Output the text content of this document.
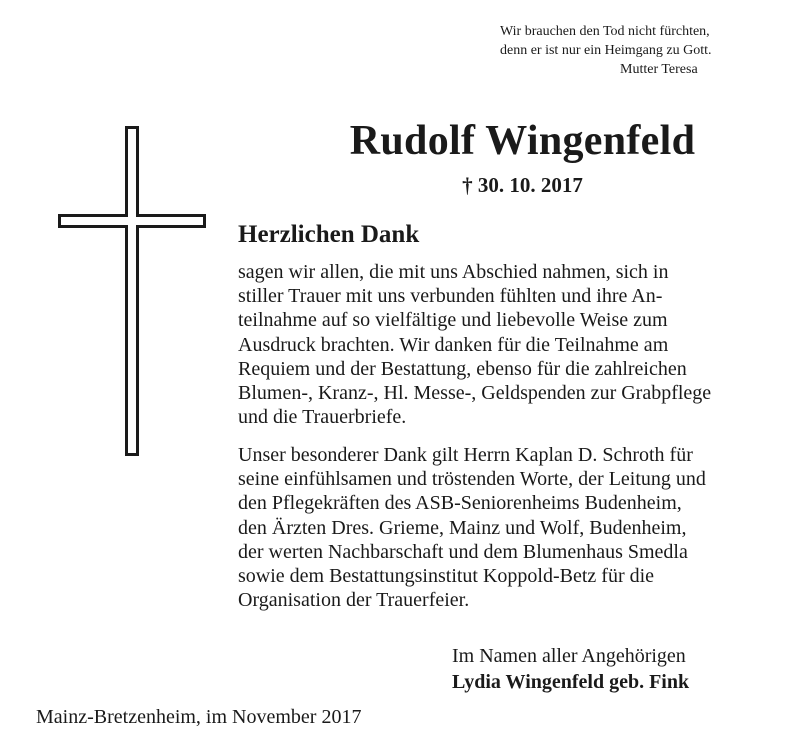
Wir brauchen den Tod nicht fürchten,
denn er ist nur ein Heimgang zu Gott.
Mutter Teresa
Rudolf Wingenfeld
† 30. 10. 2017
Herzlichen Dank
sagen wir allen, die mit uns Abschied nahmen, sich in
stiller Trauer mit uns verbunden fühlten und ihre An-
teilnahme auf so vielfältige und liebevolle Weise zum
Ausdruck brachten. Wir danken für die Teilnahme am
Requiem und der Bestattung, ebenso für die zahlreichen
Blumen-, Kranz-, Hl. Messe-, Geldspenden zur Grabpflege
und die Trauerbriefe.
Unser besonderer Dank gilt Herrn Kaplan D. Schroth für
seine einfühlsamen und tröstenden Worte, der Leitung und
den Pflegekräften des ASB-Seniorenheims Budenheim,
den Ärzten Dres. Grieme, Mainz und Wolf, Budenheim,
der werten Nachbarschaft und dem Blumenhaus Smedla
sowie dem Bestattungsinstitut Koppold-Betz für die
Organisation der Trauerfeier.
Im Namen aller Angehörigen
Lydia Wingenfeld geb. Fink
Mainz-Bretzenheim, im November 2017
